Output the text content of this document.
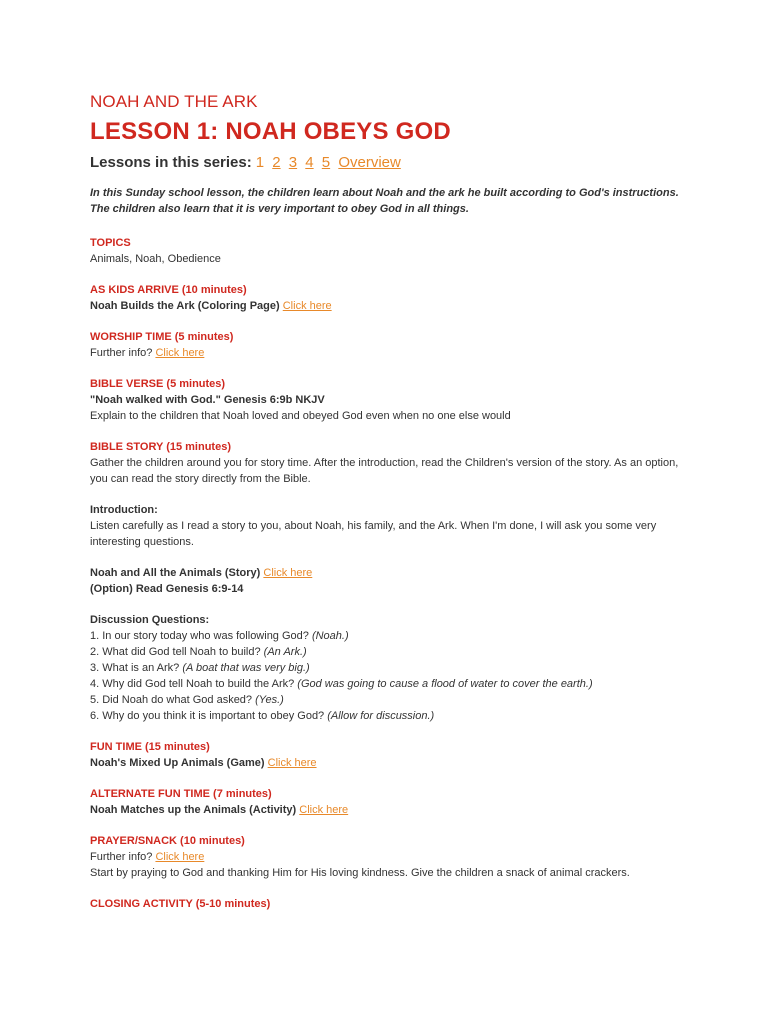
NOAH AND THE ARK
LESSON 1: NOAH OBEYS GOD
Lessons in this series: 1 2 3 4 5 Overview
In this Sunday school lesson, the children learn about Noah and the ark he built according to God's instructions. The children also learn that it is very important to obey God in all things.
TOPICS
Animals, Noah, Obedience
AS KIDS ARRIVE (10 minutes)
Noah Builds the Ark (Coloring Page) Click here
WORSHIP TIME (5 minutes)
Further info? Click here
BIBLE VERSE (5 minutes)
"Noah walked with God." Genesis 6:9b NKJV
Explain to the children that Noah loved and obeyed God even when no one else would
BIBLE STORY (15 minutes)
Gather the children around you for story time. After the introduction, read the Children's version of the story. As an option, you can read the story directly from the Bible.
Introduction:
Listen carefully as I read a story to you, about Noah, his family, and the Ark. When I'm done, I will ask you some very interesting questions.
Noah and All the Animals (Story) Click here
(Option) Read Genesis 6:9-14
Discussion Questions:
1. In our story today who was following God? (Noah.)
2. What did God tell Noah to build? (An Ark.)
3. What is an Ark? (A boat that was very big.)
4. Why did God tell Noah to build the Ark? (God was going to cause a flood of water to cover the earth.)
5. Did Noah do what God asked? (Yes.)
6. Why do you think it is important to obey God? (Allow for discussion.)
FUN TIME (15 minutes)
Noah's Mixed Up Animals (Game) Click here
ALTERNATE FUN TIME (7 minutes)
Noah Matches up the Animals (Activity) Click here
PRAYER/SNACK (10 minutes)
Further info? Click here
Start by praying to God and thanking Him for His loving kindness. Give the children a snack of animal crackers.
CLOSING ACTIVITY (5-10 minutes)
